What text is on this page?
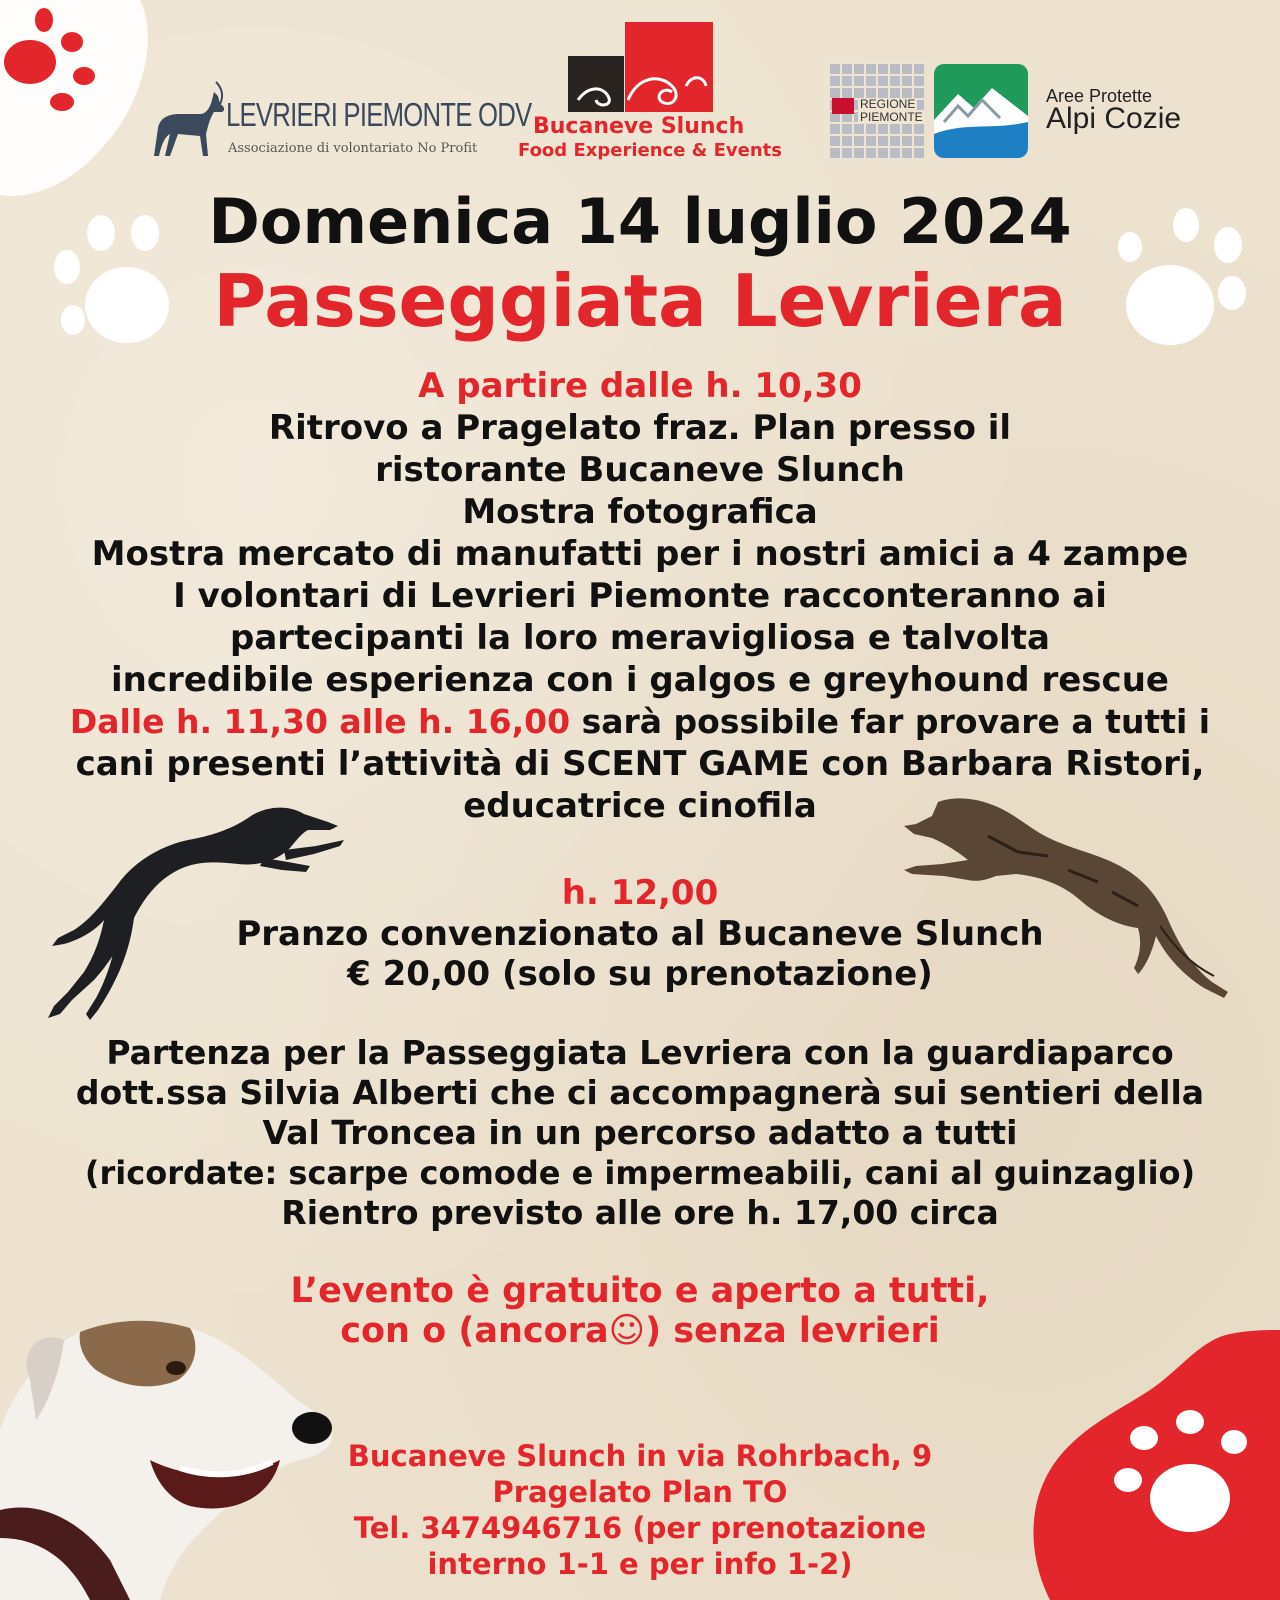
LEVRIERI PIEMONTE ODV
Associazione di volontariato No Profit
Bucaneve Slunch
Food Experience & Events
REGIONE
PIEMONTE
Aree Protette
Alpi Cozie
Domenica 14 luglio 2024
Passeggiata Levriera
A partire dalle h. 10,30
Ritrovo a Pragelato fraz. Plan presso il
ristorante Bucaneve Slunch
Mostra fotografica
Mostra mercato di manufatti per i nostri amici a 4 zampe
I volontari di Levrieri Piemonte racconteranno ai
partecipanti la loro meravigliosa e talvolta
incredibile esperienza con i galgos e greyhound rescue
Dalle h. 11,30 alle h. 16,00 sarà possibile far provare a tutti i
cani presenti l’attività di SCENT GAME con Barbara Ristori,
educatrice cinofila
h. 12,00
Pranzo convenzionato al Bucaneve Slunch
€ 20,00 (solo su prenotazione)
Partenza per la Passeggiata Levriera con la guardiaparco
dott.ssa Silvia Alberti che ci accompagnerà sui sentieri della
Val Troncea in un percorso adatto a tutti
(ricordate: scarpe comode e impermeabili, cani al guinzaglio)
Rientro previsto alle ore h. 17,00 circa
L’evento è gratuito e aperto a tutti,
con o (ancora☺) senza levrieri
Bucaneve Slunch in via Rohrbach, 9
Pragelato Plan TO
Tel. 3474946716 (per prenotazione
interno 1-1 e per info 1-2)
